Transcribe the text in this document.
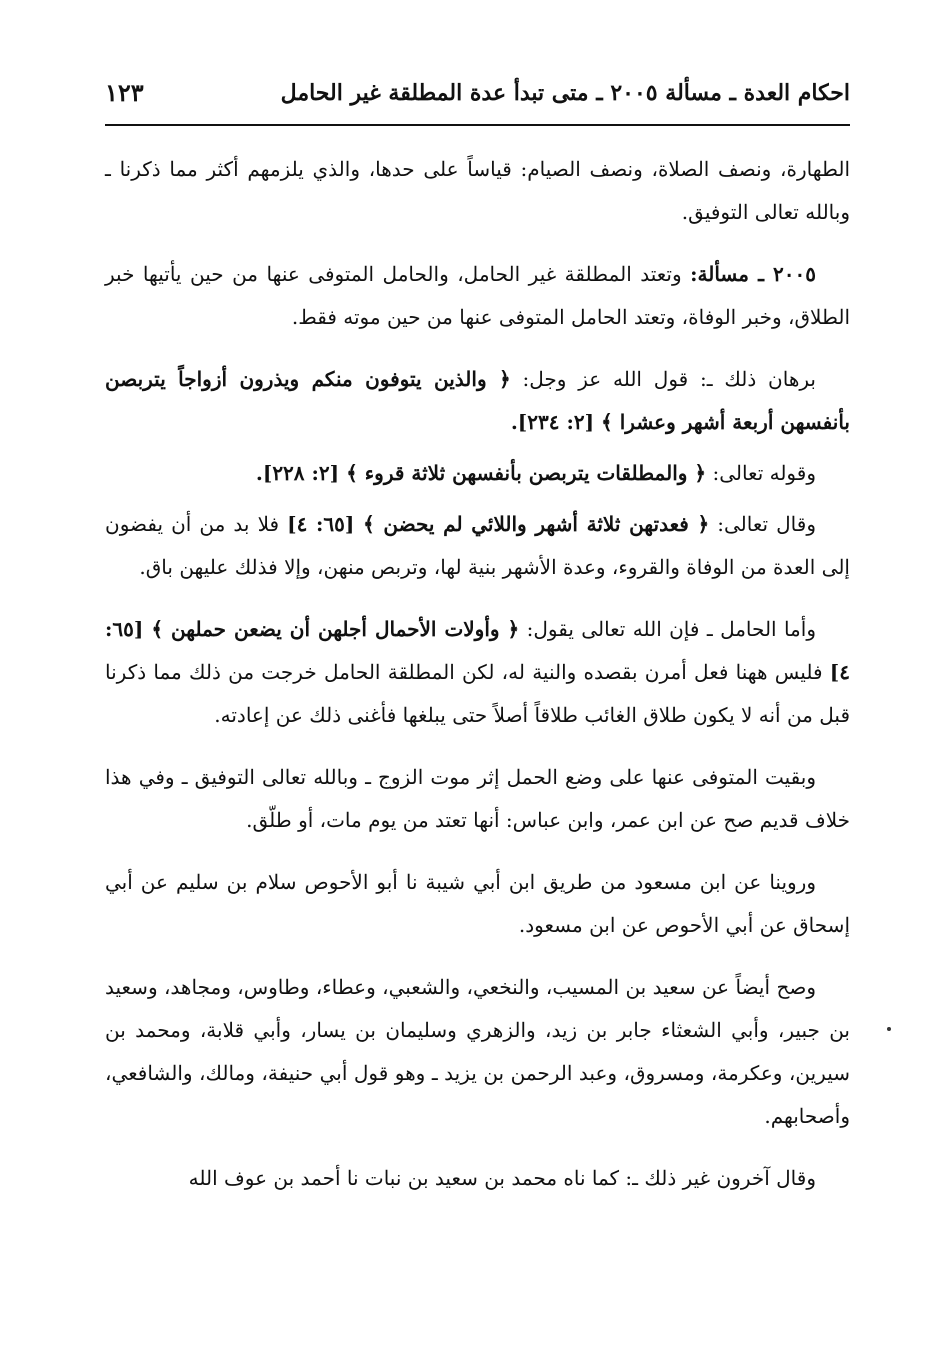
احكام العدة ـ مسألة ٢٠٠٥ ـ متى تبدأ عدة المطلقة غير الحامل
١٢٣

الطهارة، ونصف الصلاة، ونصف الصيام: قياساً على حدها، والذي يلزمهم أكثر مما ذكرنا ـ وبالله تعالى التوفيق.

٢٠٠٥ ـ مسألة: وتعتد المطلقة غير الحامل، والحامل المتوفى عنها من حين يأتيها خبر الطلاق، وخبر الوفاة، وتعتد الحامل المتوفى عنها من حين موته فقط.

برهان ذلك ـ: قول الله عز وجل: ﴿ والذين يتوفون منكم ويذرون أزواجاً يتربصن بأنفسهن أربعة أشهر وعشرا ﴾ [٢: ٢٣٤].

وقوله تعالى: ﴿ والمطلقات يتربصن بأنفسهن ثلاثة قروء ﴾ [٢: ٢٢٨].

وقال تعالى: ﴿ فعدتهن ثلاثة أشهر واللائي لم يحضن ﴾ [٦٥: ٤] فلا بد من أن يفضون إلى العدة من الوفاة والقروء، وعدة الأشهر بنية لها، وتربص منهن، وإلا فذلك عليهن باق.

وأما الحامل ـ فإن الله تعالى يقول: ﴿ وأولات الأحمال أجلهن أن يضعن حملهن ﴾ [٦٥: ٤] فليس ههنا فعل أمرن بقصده والنية له، لكن المطلقة الحامل خرجت من ذلك مما ذكرنا قبل من أنه لا يكون طلاق الغائب طلاقاً أصلاً حتى يبلغها فأغنى ذلك عن إعادته.

وبقيت المتوفى عنها على وضع الحمل إثر موت الزوج ـ وبالله تعالى التوفيق ـ وفي هذا خلاف قديم صح عن ابن عمر، وابن عباس: أنها تعتد من يوم مات، أو طلّق.

وروينا عن ابن مسعود من طريق ابن أبي شيبة نا أبو الأحوص سلام بن سليم عن أبي إسحاق عن أبي الأحوص عن ابن مسعود.

وصح أيضاً عن سعيد بن المسيب، والنخعي، والشعبي، وعطاء، وطاوس، ومجاهد، وسعيد بن جبير، وأبي الشعثاء جابر بن زيد، والزهري وسليمان بن يسار، وأبي قلابة، ومحمد بن سيرين، وعكرمة، ومسروق، وعبد الرحمن بن يزيد ـ وهو قول أبي حنيفة، ومالك، والشافعي، وأصحابهم.

وقال آخرون غير ذلك ـ: كما ناه محمد بن سعيد بن نبات نا أحمد بن عوف الله
